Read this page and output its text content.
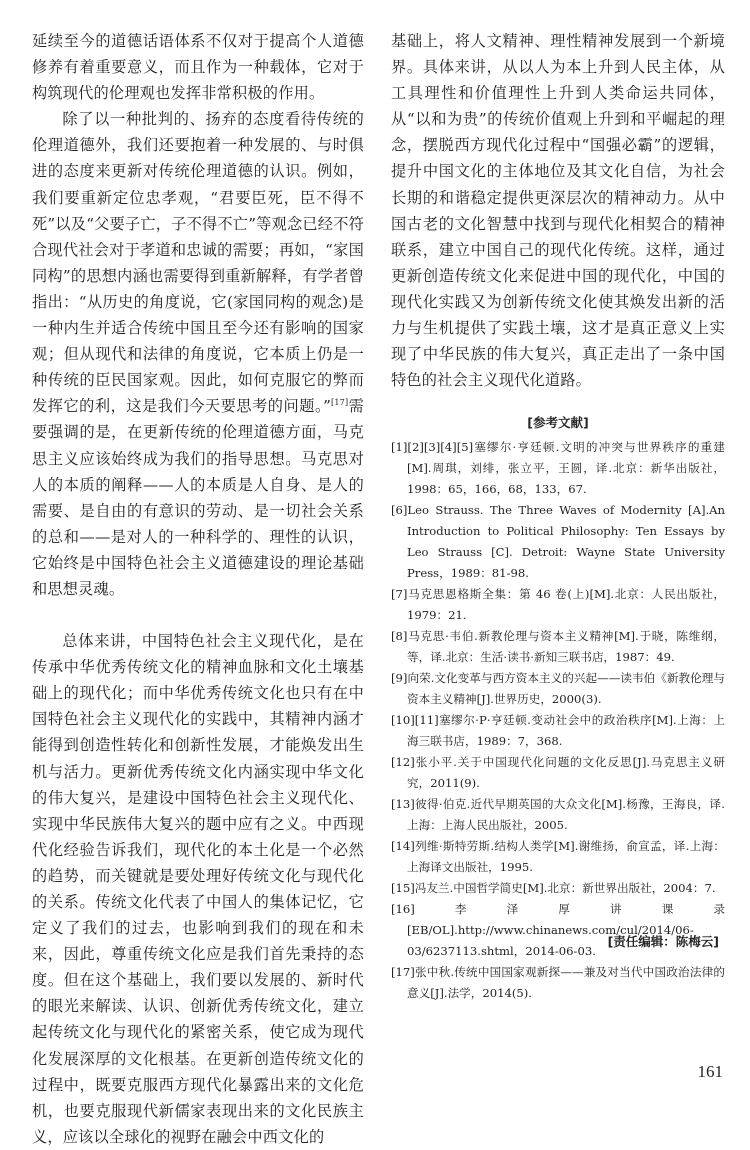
延续至今的道德话语体系不仅对于提高个人道德修养有着重要意义，而且作为一种载体，它对于构筑现代的伦理观也发挥非常积极的作用。

除了以一种批判的、扬弃的态度看待传统的伦理道德外，我们还要抱着一种发展的、与时俱进的态度来更新对传统伦理道德的认识。例如，我们要重新定位忠孝观，“君要臣死，臣不得不死”以及“父要子亡，子不得不亡”等观念已经不符合现代社会对于孝道和忠诚的需要；再如，“家国同构”的思想内涵也需要得到重新解释，有学者曾指出：“从历史的角度说，它(家国同构的观念)是一种内生并适合传统中国且至今还有影响的国家观；但从现代和法律的角度说，它本质上仍是一种传统的臣民国家观。因此，如何克服它的弊而发挥它的利，这是我们今天要思考的问题。”[17]需要强调的是，在更新传统的伦理道德方面，马克思主义应该始终成为我们的指导思想。马克思对人的本质的阐释——人的本质是人自身、是人的需要、是自由的有意识的劳动、是一切社会关系的总和——是对人的一种科学的、理性的认识，它始终是中国特色社会主义道德建设的理论基础和思想灵魂。

总体来讲，中国特色社会主义现代化，是在传承中华优秀传统文化的精神血脉和文化土壤基础上的现代化；而中华优秀传统文化也只有在中国特色社会主义现代化的实践中，其精神内涵才能得到创造性转化和创新性发展，才能焕发出生机与活力。更新优秀传统文化内涵实现中华文化的伟大复兴，是建设中国特色社会主义现代化、实现中华民族伟大复兴的题中应有之义。中西现代化经验告诉我们，现代化的本土化是一个必然的趋势，而关键就是要处理好传统文化与现代化的关系。传统文化代表了中国人的集体记忆，它定义了我们的过去，也影响到我们的现在和未来，因此，尊重传统文化应是我们首先秉持的态度。但在这个基础上，我们要以发展的、新时代的眼光来解读、认识、创新优秀传统文化，建立起传统文化与现代化的紧密关系，使它成为现代化发展深厚的文化根基。在更新创造传统文化的过程中，既要克服西方现代化暴露出来的文化危机，也要克服现代新儒家表现出来的文化民族主义，应该以全球化的视野在融会中西文化的

基础上，将人文精神、理性精神发展到一个新境界。具体来讲，从以人为本上升到人民主体，从工具理性和价值理性上升到人类命运共同体，从“以和为贵”的传统价值观上升到和平崛起的理念，摆脱西方现代化过程中“国强必霸”的逻辑，提升中国文化的主体地位及其文化自信，为社会长期的和谐稳定提供更深层次的精神动力。从中国古老的文化智慧中找到与现代化相契合的精神联系，建立中国自己的现代化传统。这样，通过更新创造传统文化来促进中国的现代化，中国的现代化实践又为创新传统文化使其焕发出新的活力与生机提供了实践土壤，这才是真正意义上实现了中华民族的伟大复兴，真正走出了一条中国特色的社会主义现代化道路。

[参考文献]

[1][2][3][4][5]塞缪尔·亨廷顿.文明的冲突与世界秩序的重建[M].周琪，刘绯，张立平，王圆，译.北京：新华出版社，1998：65，166，68，133，67.

[6]Leo Strauss. The Three Waves of Modernity [A].An Introduction to Political Philosophy: Ten Essays by Leo Strauss [C]. Detroit: Wayne State University Press，1989：81-98.

[7]马克思恩格斯全集：第 46 卷(上)[M].北京：人民出版社，1979：21.

[8]马克思·韦伯.新教伦理与资本主义精神[M].于晓，陈维纲，等，译.北京：生活·读书·新知三联书店，1987：49.

[9]向荣.文化变革与西方资本主义的兴起——读韦伯《新教伦理与资本主义精神[J].世界历史，2000(3).

[10][11]塞缪尔·P·亨廷顿.变动社会中的政治秩序[M].上海：上海三联书店，1989：7，368.

[12]张小平.关于中国现代化问题的文化反思[J].马克思主义研究，2011(9).

[13]彼得·伯克.近代早期英国的大众文化[M].杨豫，王海良，译.上海：上海人民出版社，2005.

[14]列维·斯特劳斯.结构人类学[M].谢维扬，俞宣孟，译.上海：上海译文出版社，1995.

[15]冯友兰.中国哲学简史[M].北京：新世界出版社，2004：7.

[16]李泽厚讲课录[EB/OL].http://www.chinanews.com/cul/2014/06-03/6237113.shtml，2014-06-03.

[17]张中秋.传统中国国家观新探——兼及对当代中国政治法律的意义[J].法学，2014(5).

[责任编辑：陈梅云]
161
